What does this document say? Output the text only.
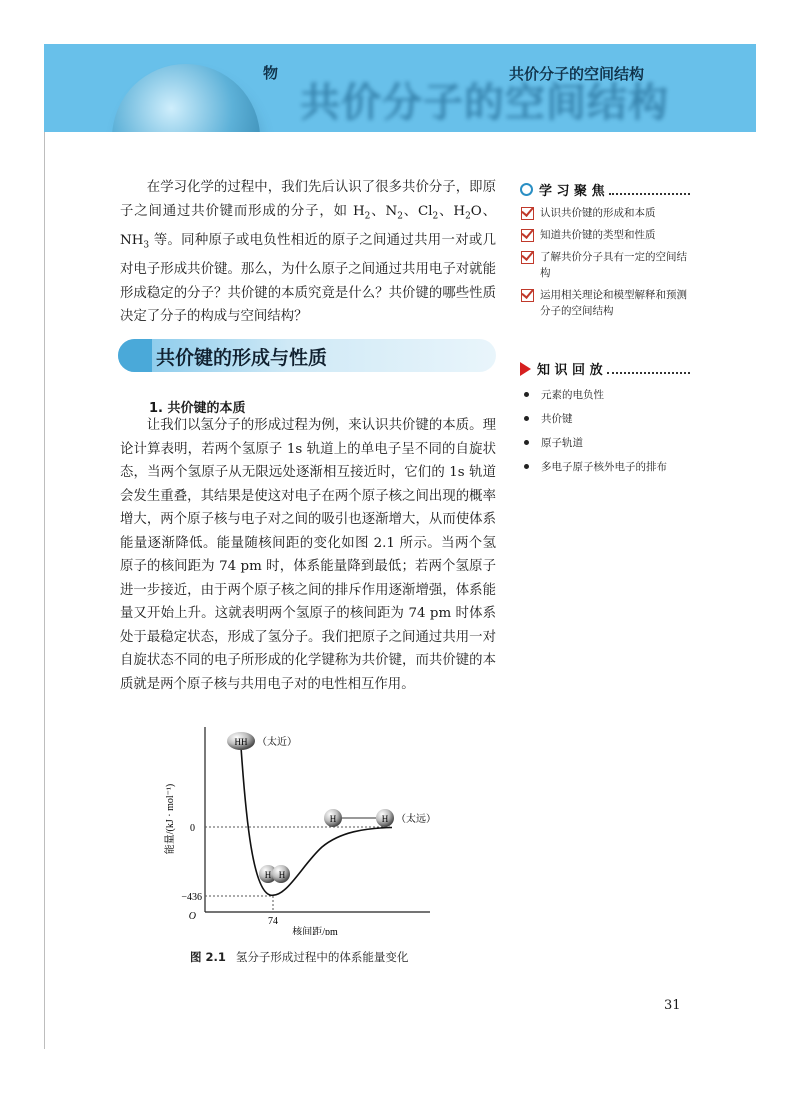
物
共价分子的空间结构
共价分子的空间结构

在学习化学的过程中，我们先后认识了很多共价分子，即原子之间通过共价键而形成的分子，如 $H_2$、$N_2$、$Cl_2$、$H_2O$、$NH_3$ 等。同种原子或电负性相近的原子之间通过共用一对或几对电子形成共价键。那么，为什么原子之间通过共用电子对就能形成稳定的分子？共价键的本质究竟是什么？共价键的哪些性质决定了分子的构成与空间结构？

学 习 聚 焦
认识共价键的形成和本质
知道共价键的类型和性质
了解共价分子具有一定的空间结构
运用相关理论和模型解释和预测分子的空间结构
知 识 回 放
元素的电负性
共价键
原子轨道
多电子原子核外电子的排布
共价键的形成与性质
1. 共价键的本质

让我们以氢分子的形成过程为例，来认识共价键的本质。理论计算表明，若两个氢原子 1s 轨道上的单电子呈不同的自旋状态，当两个氢原子从无限远处逐渐相互接近时，它们的 1s 轨道会发生重叠，其结果是使这对电子在两个原子核之间出现的概率增大，两个原子核与电子对之间的吸引也逐渐增大，从而使体系能量逐渐降低。能量随核间距的变化如图 2.1 所示。当两个氢原子的核间距为 74 pm 时，体系能量降到最低；若两个氢原子进一步接近，由于两个原子核之间的排斥作用逐渐增强，体系能量又开始上升。这就表明两个氢原子的核间距为 74 pm 时体系处于最稳定状态，形成了氢分子。我们把原子之间通过共用一对自旋状态不同的电子所形成的化学键称为共价键，而共价键的本质就是两个原子核与共用电子对的电性相互作用。

0
−436
O	74
核间距/pm
能量/(kJ · mol⁻¹)
HH （太近）
H	H （太远）
H H
图 2.1 氢分子形成过程中的体系能量变化
31
